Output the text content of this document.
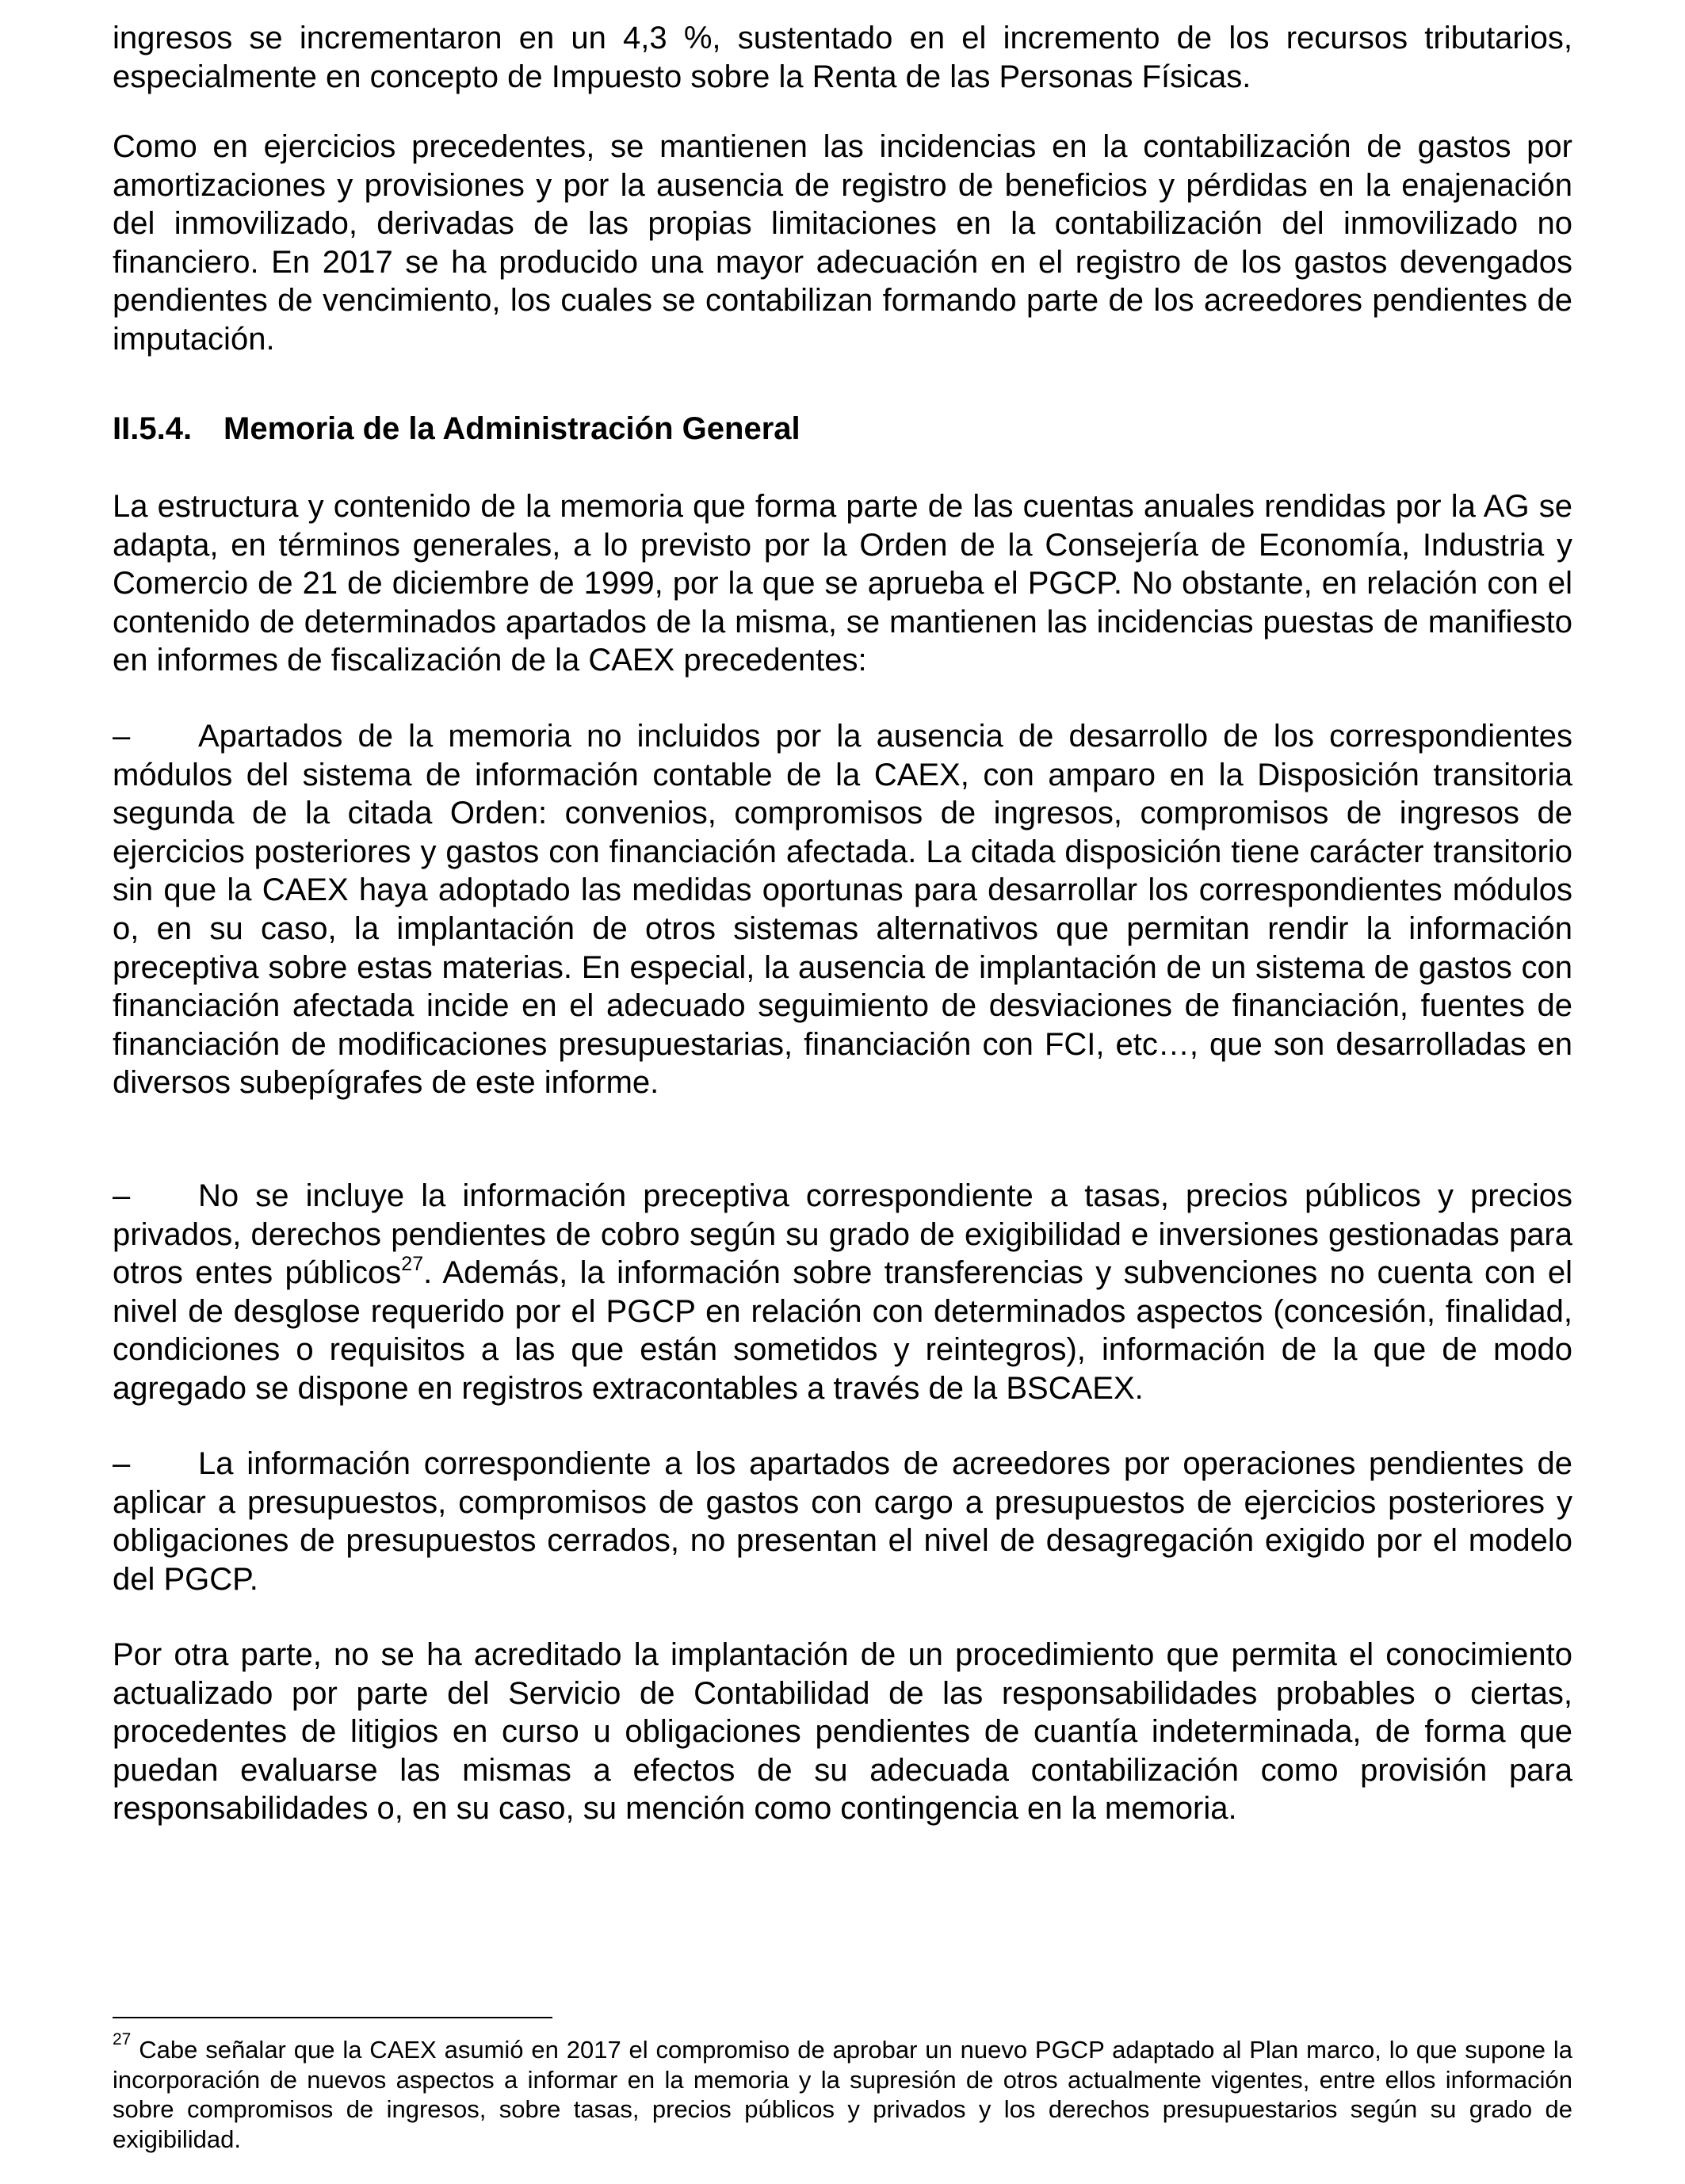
ingresos se incrementaron en un 4,3 %, sustentado en el incremento de los recursos tributarios, especialmente en concepto de Impuesto sobre la Renta de las Personas Físicas.

Como en ejercicios precedentes, se mantienen las incidencias en la contabilización de gastos por amortizaciones y provisiones y por la ausencia de registro de beneficios y pérdidas en la enajenación del inmovilizado, derivadas de las propias limitaciones en la contabilización del inmovilizado no financiero. En 2017 se ha producido una mayor adecuación en el registro de los gastos devengados pendientes de vencimiento, los cuales se contabilizan formando parte de los acreedores pendientes de imputación.

II.5.4. Memoria de la Administración General

La estructura y contenido de la memoria que forma parte de las cuentas anuales rendidas por la AG se adapta, en términos generales, a lo previsto por la Orden de la Consejería de Economía, Industria y Comercio de 21 de diciembre de 1999, por la que se aprueba el PGCP. No obstante, en relación con el contenido de determinados apartados de la misma, se mantienen las incidencias puestas de manifiesto en informes de fiscalización de la CAEX precedentes:

– Apartados de la memoria no incluidos por la ausencia de desarrollo de los correspondientes módulos del sistema de información contable de la CAEX, con amparo en la Disposición transitoria segunda de la citada Orden: convenios, compromisos de ingresos, compromisos de ingresos de ejercicios posteriores y gastos con financiación afectada. La citada disposición tiene carácter transitorio sin que la CAEX haya adoptado las medidas oportunas para desarrollar los correspondientes módulos o, en su caso, la implantación de otros sistemas alternativos que permitan rendir la información preceptiva sobre estas materias. En especial, la ausencia de implantación de un sistema de gastos con financiación afectada incide en el adecuado seguimiento de desviaciones de financiación, fuentes de financiación de modificaciones presupuestarias, financiación con FCI, etc…, que son desarrolladas en diversos subepígrafes de este informe.

– No se incluye la información preceptiva correspondiente a tasas, precios públicos y precios privados, derechos pendientes de cobro según su grado de exigibilidad e inversiones gestionadas para otros entes públicos$^{27}$. Además, la información sobre transferencias y subvenciones no cuenta con el nivel de desglose requerido por el PGCP en relación con determinados aspectos (concesión, finalidad, condiciones o requisitos a las que están sometidos y reintegros), información de la que de modo agregado se dispone en registros extracontables a través de la BSCAEX.

– La información correspondiente a los apartados de acreedores por operaciones pendientes de aplicar a presupuestos, compromisos de gastos con cargo a presupuestos de ejercicios posteriores y obligaciones de presupuestos cerrados, no presentan el nivel de desagregación exigido por el modelo del PGCP.

Por otra parte, no se ha acreditado la implantación de un procedimiento que permita el conocimiento actualizado por parte del Servicio de Contabilidad de las responsabilidades probables o ciertas, procedentes de litigios en curso u obligaciones pendientes de cuantía indeterminada, de forma que puedan evaluarse las mismas a efectos de su adecuada contabilización como provisión para responsabilidades o, en su caso, su mención como contingencia en la memoria.

$^{27}$ Cabe señalar que la CAEX asumió en 2017 el compromiso de aprobar un nuevo PGCP adaptado al Plan marco, lo que supone la incorporación de nuevos aspectos a informar en la memoria y la supresión de otros actualmente vigentes, entre ellos información sobre compromisos de ingresos, sobre tasas, precios públicos y privados y los derechos presupuestarios según su grado de exigibilidad.
